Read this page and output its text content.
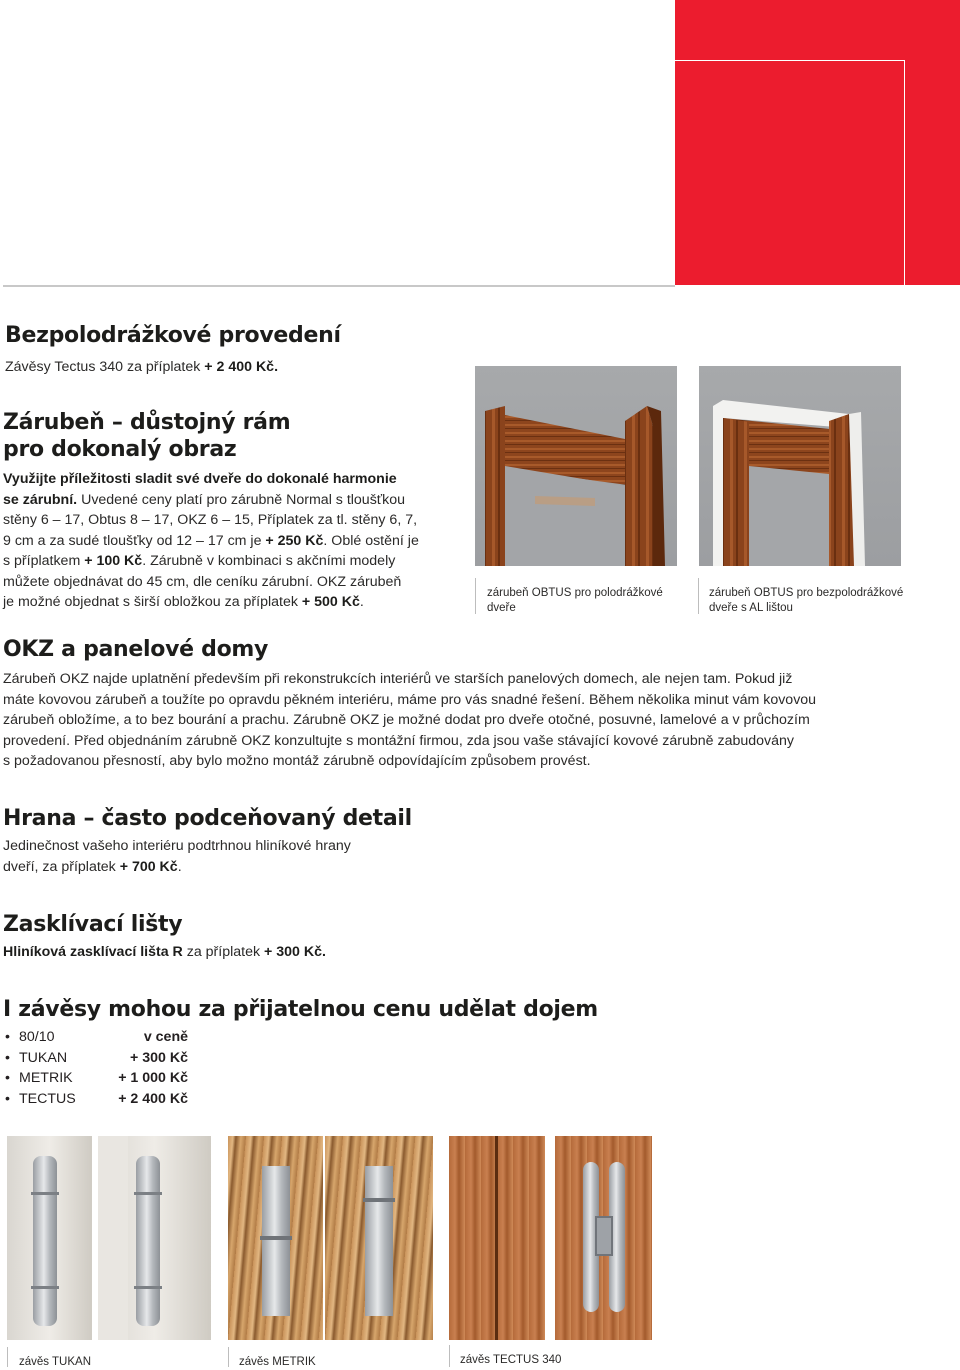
Bezpolodrážkové provedení
Závěsy Tectus 340 za příplatek + 2 400 Kč.
Zárubeň – důstojný rám
pro dokonalý obraz
Využijte příležitosti sladit své dveře do dokonalé harmonie
se zárubní. Uvedené ceny platí pro zárubně Normal s tloušťkou
stěny 6 – 17, Obtus 8 – 17, OKZ 6 – 15, Příplatek za tl. stěny 6, 7,
9 cm a za sudé tloušťky od 12 – 17 cm je + 250 Kč. Oblé ostění je
s příplatkem + 100 Kč. Zárubně v kombinaci s akčními modely
můžete objednávat do 45 cm, dle ceníku zárubní. OKZ zárubeň
je možné objednat s širší obložkou za příplatek + 500 Kč.
zárubeň OBTUS pro polodrážkové
dveře
zárubeň OBTUS pro bezpolodrážkové
dveře s AL lištou
OKZ a panelové domy
Zárubeň OKZ najde uplatnění především při rekonstrukcích interiérů ve starších panelových domech, ale nejen tam. Pokud již
máte kovovou zárubeň a toužíte po opravdu pěkném interiéru, máme pro vás snadné řešení. Během několika minut vám kovovou
zárubeň obložíme, a to bez bourání a prachu. Zárubně OKZ je možné dodat pro dveře otočné, posuvné, lamelové a v průchozím
provedení. Před objednáním zárubně OKZ konzultujte s montážní firmou, zda jsou vaše stávající kovové zárubně zabudovány
s požadovanou přesností, aby bylo možno montáž zárubně odpovídajícím způsobem provést.
Hrana – často podceňovaný detail
Jedinečnost vašeho interiéru podtrhnou hliníkové hrany
dveří, za příplatek + 700 Kč.
Zasklívací lišty
Hliníková zasklívací lišta R za příplatek + 300 Kč.
I závěsy mohou za přijatelnou cenu udělat dojem
• 80/10	v ceně
• TUKAN	+ 300 Kč
• METRIK	+ 1 000 Kč
• TECTUS	+ 2 400 Kč
závěs TUKAN	závěs METRIK	závěs TECTUS 340
